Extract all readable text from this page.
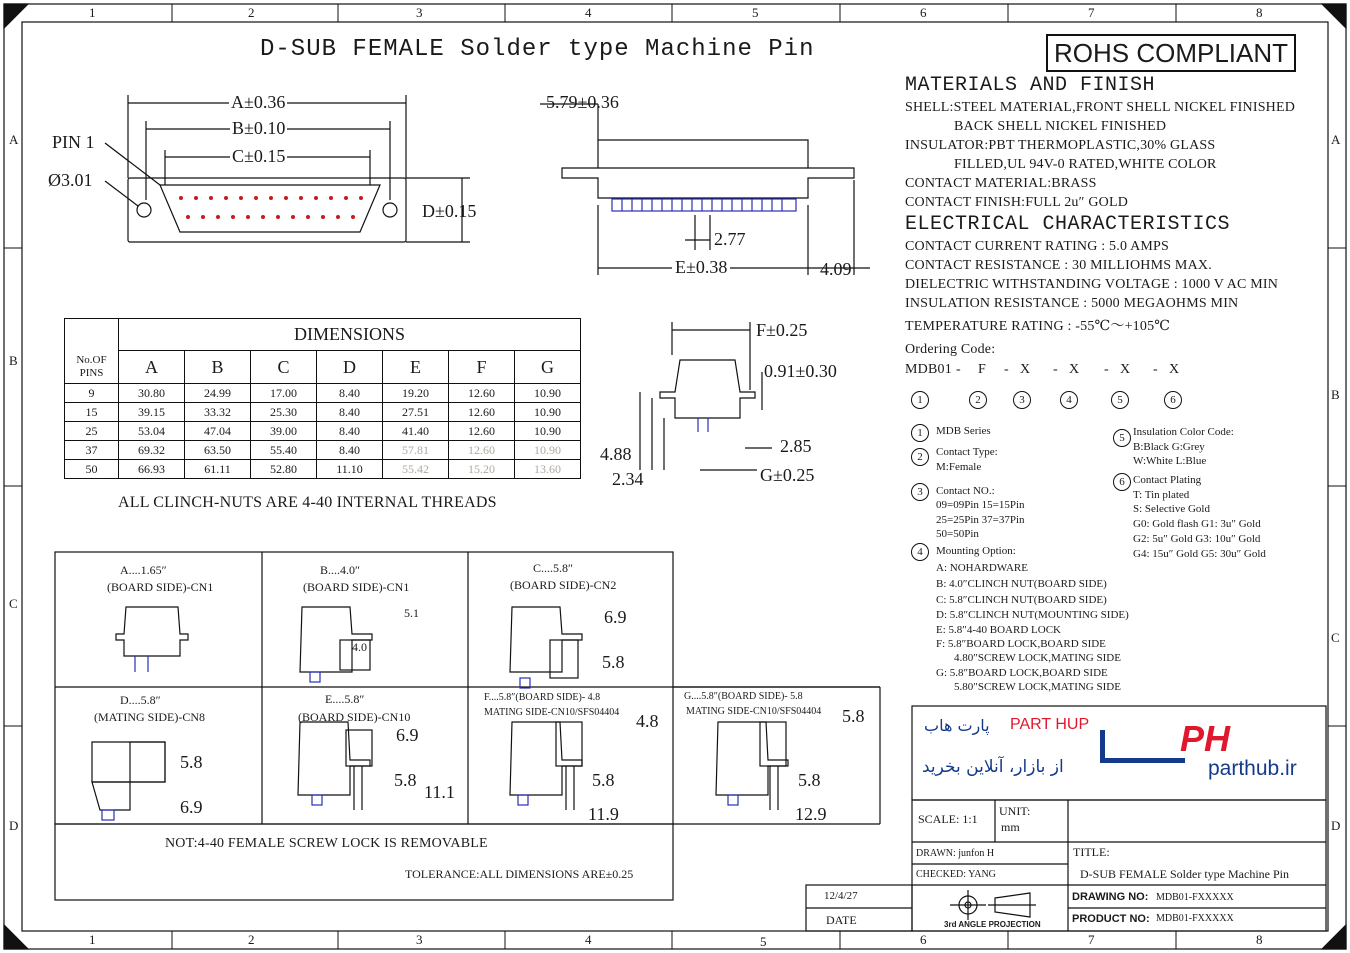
1	2	3	4	5	6	7	8
1	2	3	4	5	6	7	8
A
B
C
D
A
B
C
D
D-SUB FEMALE Solder type Machine Pin	ROHS COMPLIANT
A±0.36
B±0.10
C±0.15
D±0.15
PIN 1
Ø3.01
5.79±0.36
2.77
E±0.38	4.09
F±0.25
0.91±0.30
4.88	2.85
2.34	G±0.25
MATERIALS AND FINISH
SHELL:STEEL MATERIAL,FRONT SHELL NICKEL FINISHED
BACK SHELL NICKEL FINISHED
INSULATOR:PBT THERMOPLASTIC,30% GLASS
FILLED,UL 94V-0 RATED,WHITE COLOR
CONTACT MATERIAL:BRASS
CONTACT FINISH:FULL 2u″ GOLD
ELECTRICAL CHARACTERISTICS
CONTACT CURRENT RATING : 5.0 AMPS
CONTACT RESISTANCE : 30 MILLIOHMS MAX.
DIELECTRIC WITHSTANDING VOLTAGE : 1000 V AC MIN
INSULATION RESISTANCE : 5000 MEGAOHMS MIN
TEMPERATURE RATING : -55℃～+105℃
Ordering Code:
MDB01 - F - X - X - X - X
1	2	3	4	5	6
1	MDB Series
2	Contact Type:
M:Female
3	Contact NO.:
09=09Pin 15=15Pin
25=25Pin 37=37Pin
50=50Pin
4	Mounting Option:
A: NOHARDWARE
B: 4.0″CLINCH NUT(BOARD SIDE)
C: 5.8″CLINCH NUT(BOARD SIDE)
D: 5.8″CLINCH NUT(MOUNTING SIDE)
E: 5.8″4-40 BOARD LOCK
F: 5.8″BOARD LOCK,BOARD SIDE
4.80″SCREW LOCK,MATING SIDE
G: 5.8″BOARD LOCK,BOARD SIDE
5.80″SCREW LOCK,MATING SIDE
5 Insulation Color Code:
B:Black G:Grey
W:White L:Blue
6 Contact Plating
T: Tin plated
S: Selective Gold
G0: Gold flash G1: 3u″ Gold
G2: 5u″ Gold G3: 10u″ Gold
G4: 15u″ Gold G5: 30u″ Gold
	DIMENSIONS						
No.OF PINS	A	B	C	D	E	F	G
9	30.80	24.99	17.00	8.40	19.20	12.60	10.90
15	39.15	33.32	25.30	8.40	27.51	12.60	10.90
25	53.04	47.04	39.00	8.40	41.40	12.60	10.90
37	69.32	63.50	55.40	8.40	57.81	12.60	10.90
50	66.93	61.11	52.80	11.10	55.42	15.20	13.60
ALL CLINCH-NUTS ARE 4-40 INTERNAL THREADS
A....1.65″
(BOARD SIDE)-CN1
B....4.0″
(BOARD SIDE)-CN1
5.1
4.0
C....5.8″
(BOARD SIDE)-CN2
6.9
5.8
D....5.8″
(MATING SIDE)-CN8
5.8
6.9
E....5.8″
(BOARD SIDE)-CN10
6.9
5.8
11.1
F....5.8″(BOARD SIDE)- 4.8
MATING SIDE-CN10/SFS04404 4.8
5.8
11.9
G....5.8″(BOARD SIDE)- 5.8
MATING SIDE-CN10/SFS04404 5.8
5.8
12.9
NOT:4-40 FEMALE SCREW LOCK IS REMOVABLE
TOLERANCE:ALL DIMENSIONS ARE±0.25
PART HUP
پارت هاب
از بازار، آنلاین بخرید
PH
parthub.ir
SCALE: 1:1
UNIT:
mm
DRAWN: junfon H
CHECKED: YANG
TITLE:
D-SUB FEMALE Solder type Machine Pin
12/4/27
DATE	3rd ANGLE PROJECTION
DRAWING NO: MDB01-FXXXXX
PRODUCT NO: MDB01-FXXXXX
